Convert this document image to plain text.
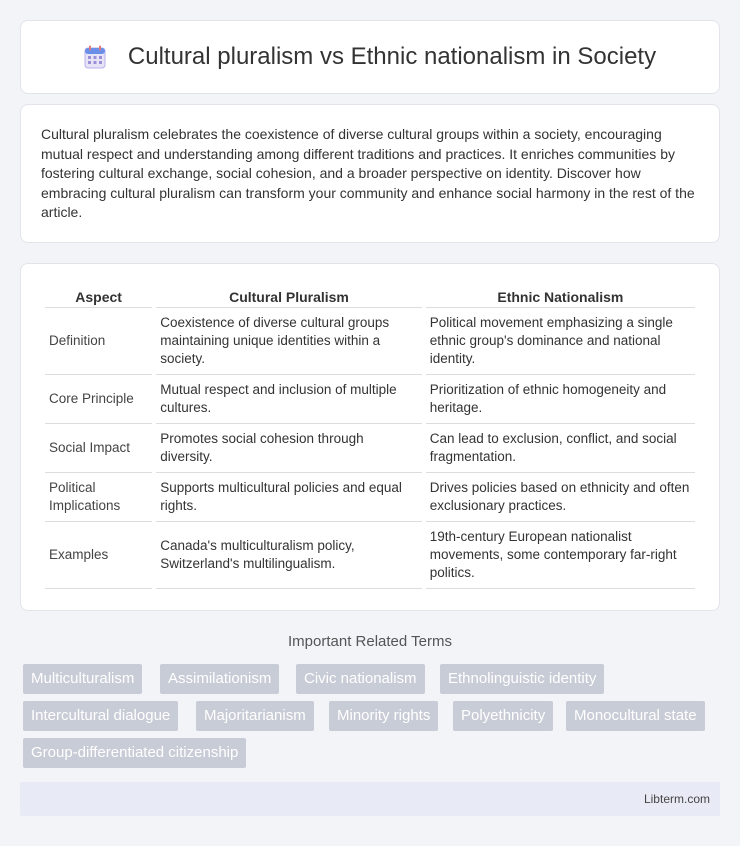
Cultural pluralism vs Ethnic nationalism in Society

Cultural pluralism celebrates the coexistence of diverse cultural groups within a society, encouraging mutual respect and understanding among different traditions and practices. It enriches communities by fostering cultural exchange, social cohesion, and a broader perspective on identity. Discover how embracing cultural pluralism can transform your community and enhance social harmony in the rest of the article.

Aspect	Cultural Pluralism	Ethnic Nationalism
Definition	Coexistence of diverse cultural groups maintaining unique identities within a society.	Political movement emphasizing a single ethnic group's dominance and national identity.
Core Principle	Mutual respect and inclusion of multiple cultures.	Prioritization of ethnic homogeneity and heritage.
Social Impact	Promotes social cohesion through diversity.	Can lead to exclusion, conflict, and social fragmentation.
Political Implications	Supports multicultural policies and equal rights.	Drives policies based on ethnicity and often exclusionary practices.
Examples	Canada's multiculturalism policy, Switzerland's multilingualism.	19th-century European nationalist movements, some contemporary far-right politics.
Important Related Terms
Multiculturalism	Assimilationism	Civic nationalism	Ethnolinguistic identity
Intercultural dialogue	Majoritarianism	Minority rights	Polyethnicity	Monocultural state
Group-differentiated citizenship
Libterm.com
